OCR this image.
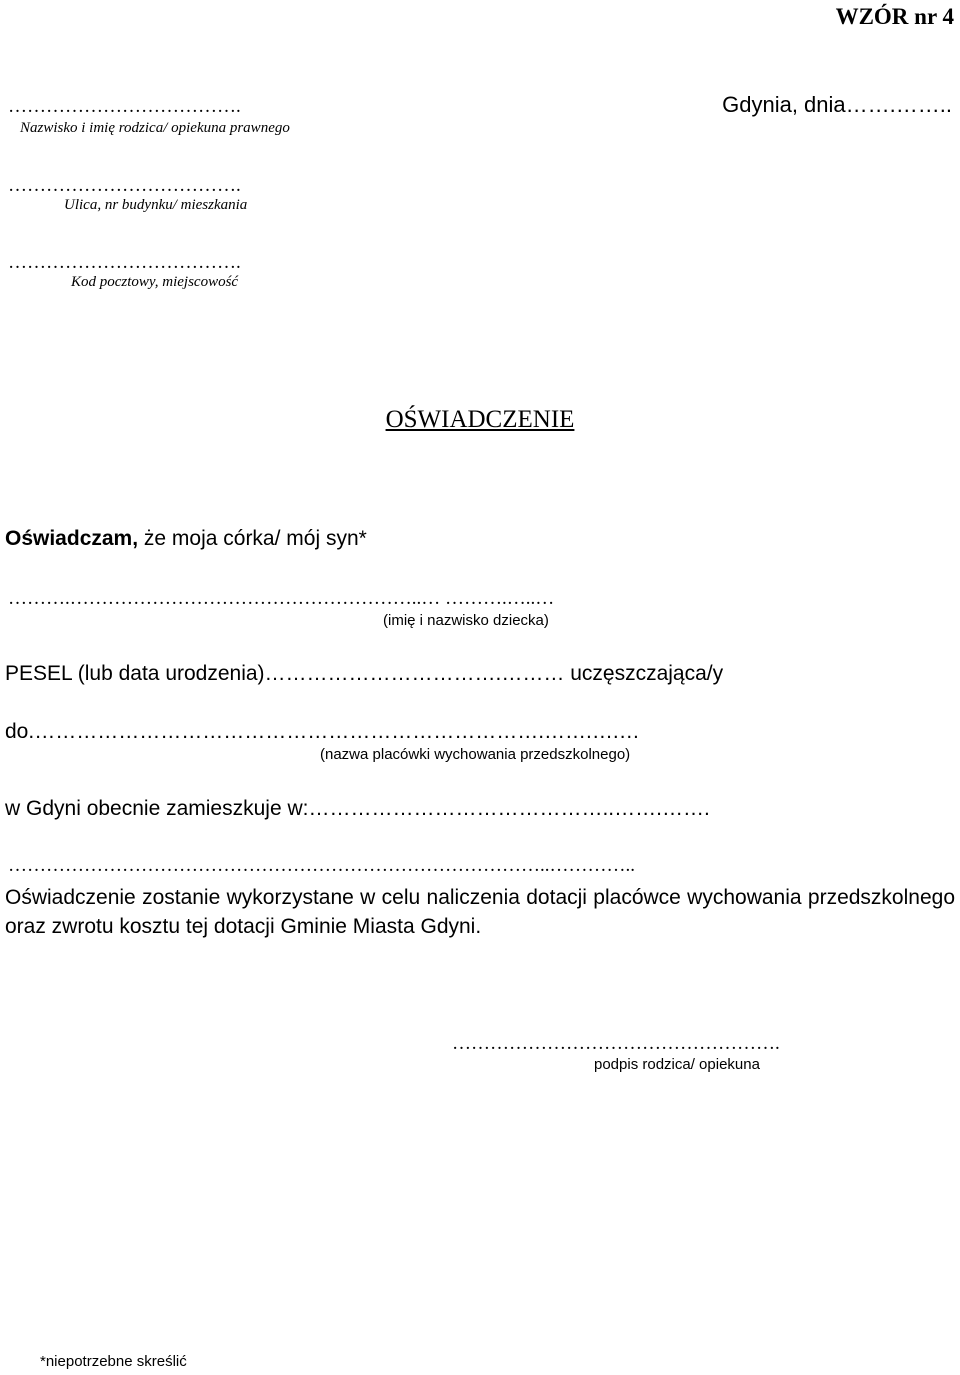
WZÓR nr 4
……………………………….
Nazwisko i imię rodzica/ opiekuna prawnego
Gdynia, dnia…….……..
……………………………….
Ulica, nr budynku/ mieszkania
……………………………….
Kod pocztowy, miejscowość
OŚWIADCZENIE
Oświadczam, że moja córka/ mój syn*
……….………………………………………………..… ……….…..…
(imię i nazwisko dziecka)
PESEL (lub data urodzenia)…………………………….……… uczęszczająca/y
do.……………………………………………………………….…….….…
(nazwa placówki wychowania przedszkolnego)
w Gdyni obecnie zamieszkuje w:……………………………………..…….…….
…………………………………………………………………………..…………..
Oświadczenie zostanie wykorzystane w celu naliczenia dotacji placówce wychowania przedszkolnego oraz zwrotu kosztu tej dotacji Gminie Miasta Gdyni.
…………………………………………….
podpis rodzica/ opiekuna
*niepotrzebne skreślić
